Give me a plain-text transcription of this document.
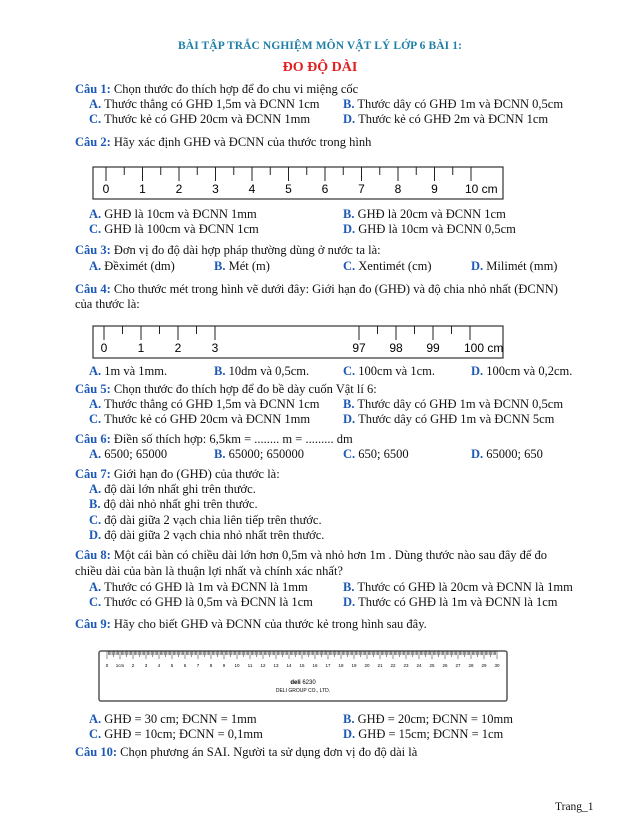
BÀI TẬP TRẮC NGHIỆM MÔN VẬT LÝ LỚP 6 BÀI 1:
ĐO ĐỘ DÀI
Câu 1: Chọn thước đo thích hợp để đo chu vi miệng cốc
A. Thước thẳng có GHĐ 1,5m và ĐCNN 1cm B. Thước dây có GHĐ 1m và ĐCNN 0,5cm
C. Thước kẻ có GHĐ 20cm và ĐCNN 1mm	D. Thước kẻ có GHĐ 2m và ĐCNN 1cm
Câu 2: Hãy xác định GHĐ và ĐCNN của thước trong hình
0 1 2 3 4 5 6 7 8 9 10 cm
A. GHĐ là 10cm và ĐCNN 1mm	B. GHĐ là 20cm và ĐCNN 1cm
C. GHĐ là 100cm và ĐCNN 1cm	D. GHĐ là 10cm và ĐCNN 0,5cm
Câu 3: Đơn vị đo độ dài hợp pháp thường dùng ở nước ta là:
A. Đềximét (dm)	B. Mét (m)	C. Xentimét (cm)	D. Milimét (mm)
Câu 4: Cho thước mét trong hình vẽ dưới đây: Giới hạn đo (GHĐ) và độ chia nhỏ nhất (ĐCNN)
của thước là:
0	1	2	3	97 98 99 100 cm
A. 1m và 1mm.	B. 10dm và 0,5cm.	C. 100cm và 1cm.	D. 100cm và 0,2cm.
Câu 5: Chọn thước đo thích hợp để đo bề dày cuốn Vật lí 6:
A. Thước thẳng có GHĐ 1,5m và ĐCNN 1cm B. Thước dây có GHĐ 1m và ĐCNN 0,5cm
C. Thước kẻ có GHĐ 20cm và ĐCNN 1mm	D. Thước dây có GHĐ 1m và ĐCNN 5cm
Câu 6: Điền số thích hợp: 6,5km = ........ m = ......... dm
A. 6500; 65000	B. 65000; 650000	C. 650; 6500	D. 65000; 650
Câu 7: Giới hạn đo (GHĐ) của thước là:
A. độ dài lớn nhất ghi trên thước.
B. độ dài nhỏ nhất ghi trên thước.
C. độ dài giữa 2 vạch chia liên tiếp trên thước.
D. độ dài giữa 2 vạch chia nhỏ nhất trên thước.
Câu 8: Một cái bàn có chiều dài lớn hơn 0,5m và nhỏ hơn 1m . Dùng thước nào sau đây để đo
chiều dài của bàn là thuận lợi nhất và chính xác nhất?
A. Thước có GHĐ là 1m và ĐCNN là 1mm	B. Thước có GHĐ là 20cm và ĐCNN là 1mm
C. Thước có GHĐ là 0,5m và ĐCNN là 1cm D. Thước có GHĐ là 1m và ĐCNN là 1cm
Câu 9: Hãy cho biết GHĐ và ĐCNN của thước kẻ trong hình sau đây.
0 1cm 2 3 4 5 6 7 8 9 10 11 12 13 14 15 16 17 18 19 20 21 22 23 24 25 26 27 28 29 30
deli 6230
DELI GROUP CO., LTD.
A. GHĐ = 30 cm; ĐCNN = 1mm	B. GHĐ = 20cm; ĐCNN = 10mm
C. GHĐ = 10cm; ĐCNN = 0,1mm	D. GHĐ = 15cm; ĐCNN = 1cm
Câu 10: Chọn phương án SAI. Người ta sử dụng đơn vị đo độ dài là
Trang_1
